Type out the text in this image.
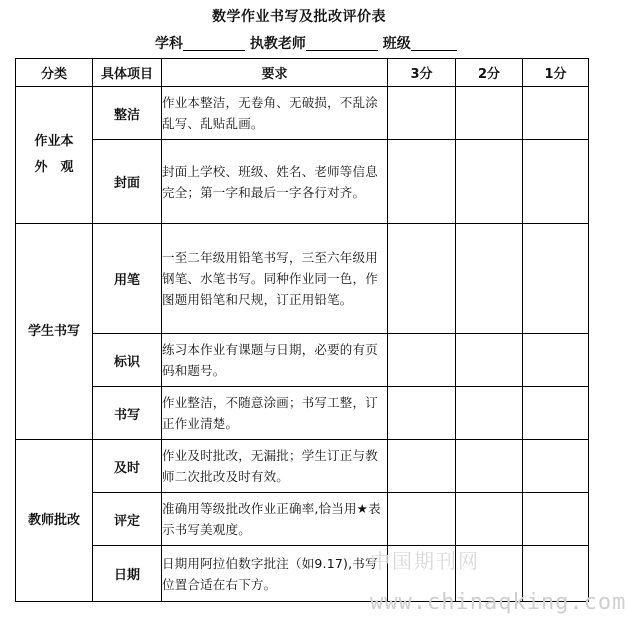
数学作业书写及批改评价表
学科	执教老师	班级
分类	具体项目	要求	3分	2分	1分

作业本外　观	整洁	作业本整洁，无卷角、无破损，不乱涂乱写、乱贴乱画。			
	封面	封面上学校、班级、姓名、老师等信息完全；第一字和最后一字各行对齐。			
学生书写	用笔	一至二年级用铅笔书写，三至六年级用钢笔、水笔书写。同种作业同一色，作图题用铅笔和尺规，订正用铅笔。			
	标识	练习本作业有课题与日期，必要的有页码和题号。			
	书写	作业整洁，不随意涂画；书写工整，订正作业清楚。			
教师批改	及时	作业及时批改，无漏批；学生订正与教师二次批改及时有效。			
	评定	准确用等级批改作业正确率,恰当用★表示书写美观度。			
	日期	日期用阿拉伯数字批注（如9.17),书写位置合适在右下方。			
中国期刊网
www.chinaqking.com
